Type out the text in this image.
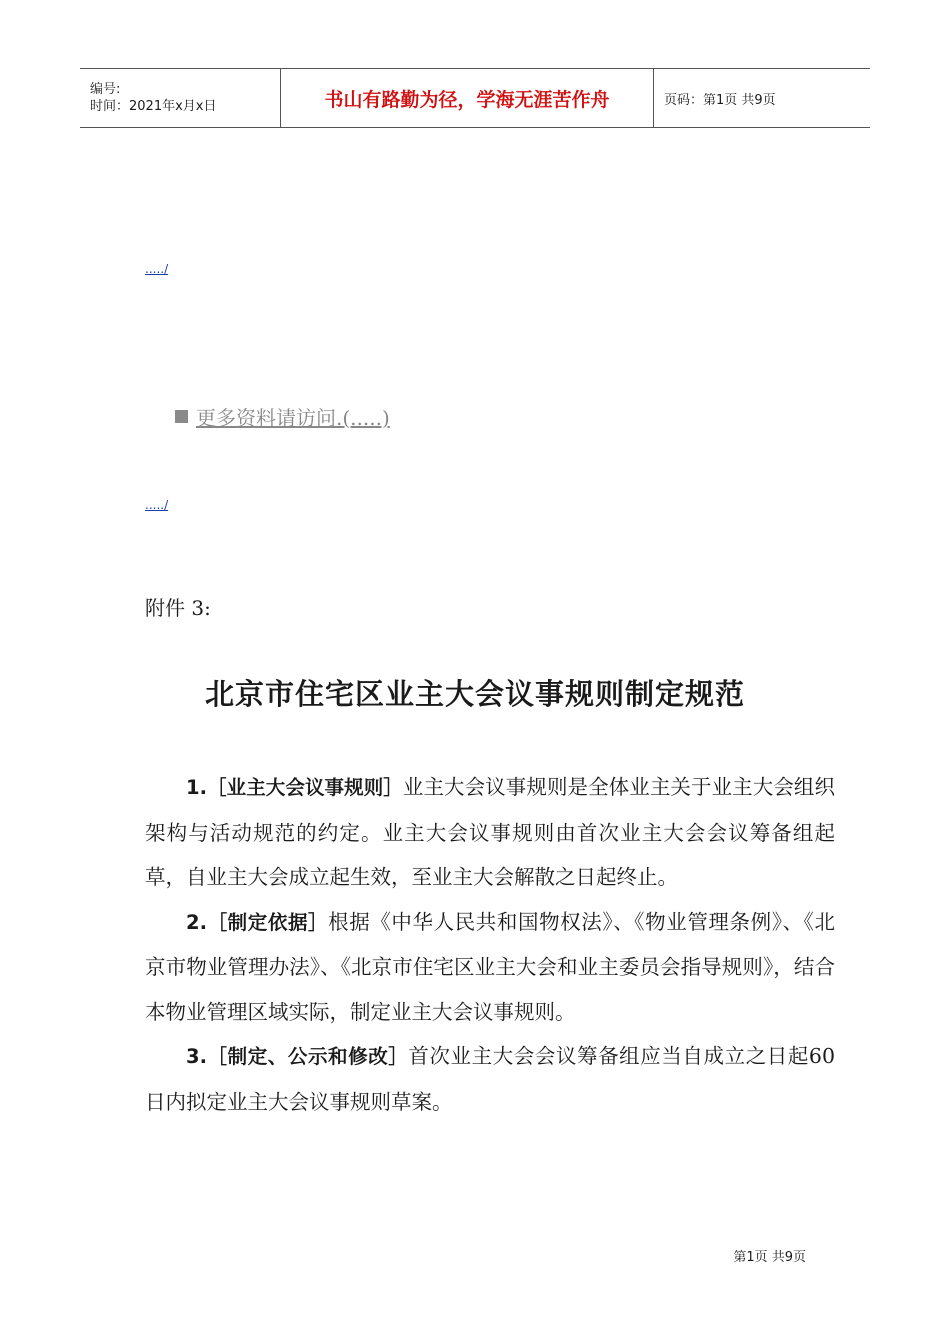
编号:
时间：2021年x月x日	书山有路勤为径，学海无涯苦作舟	页码：第1页 共9页
...../
更多资料请访问.(.....)
...../
附件 3:
北京市住宅区业主大会议事规则制定规范

1.［业主大会议事规则］业主大会议事规则是全体业主关于业主大会组织架构与活动规范的约定。业主大会议事规则由首次业主大会会议筹备组起草，自业主大会成立起生效，至业主大会解散之日起终止。

2.［制定依据］根据《中华人民共和国物权法》、《物业管理条例》、《北京市物业管理办法》、《北京市住宅区业主大会和业主委员会指导规则》，结合本物业管理区域实际，制定业主大会议事规则。

3.［制定、公示和修改］首次业主大会会议筹备组应当自成立之日起60日内拟定业主大会议事规则草案。

第1页 共9页
